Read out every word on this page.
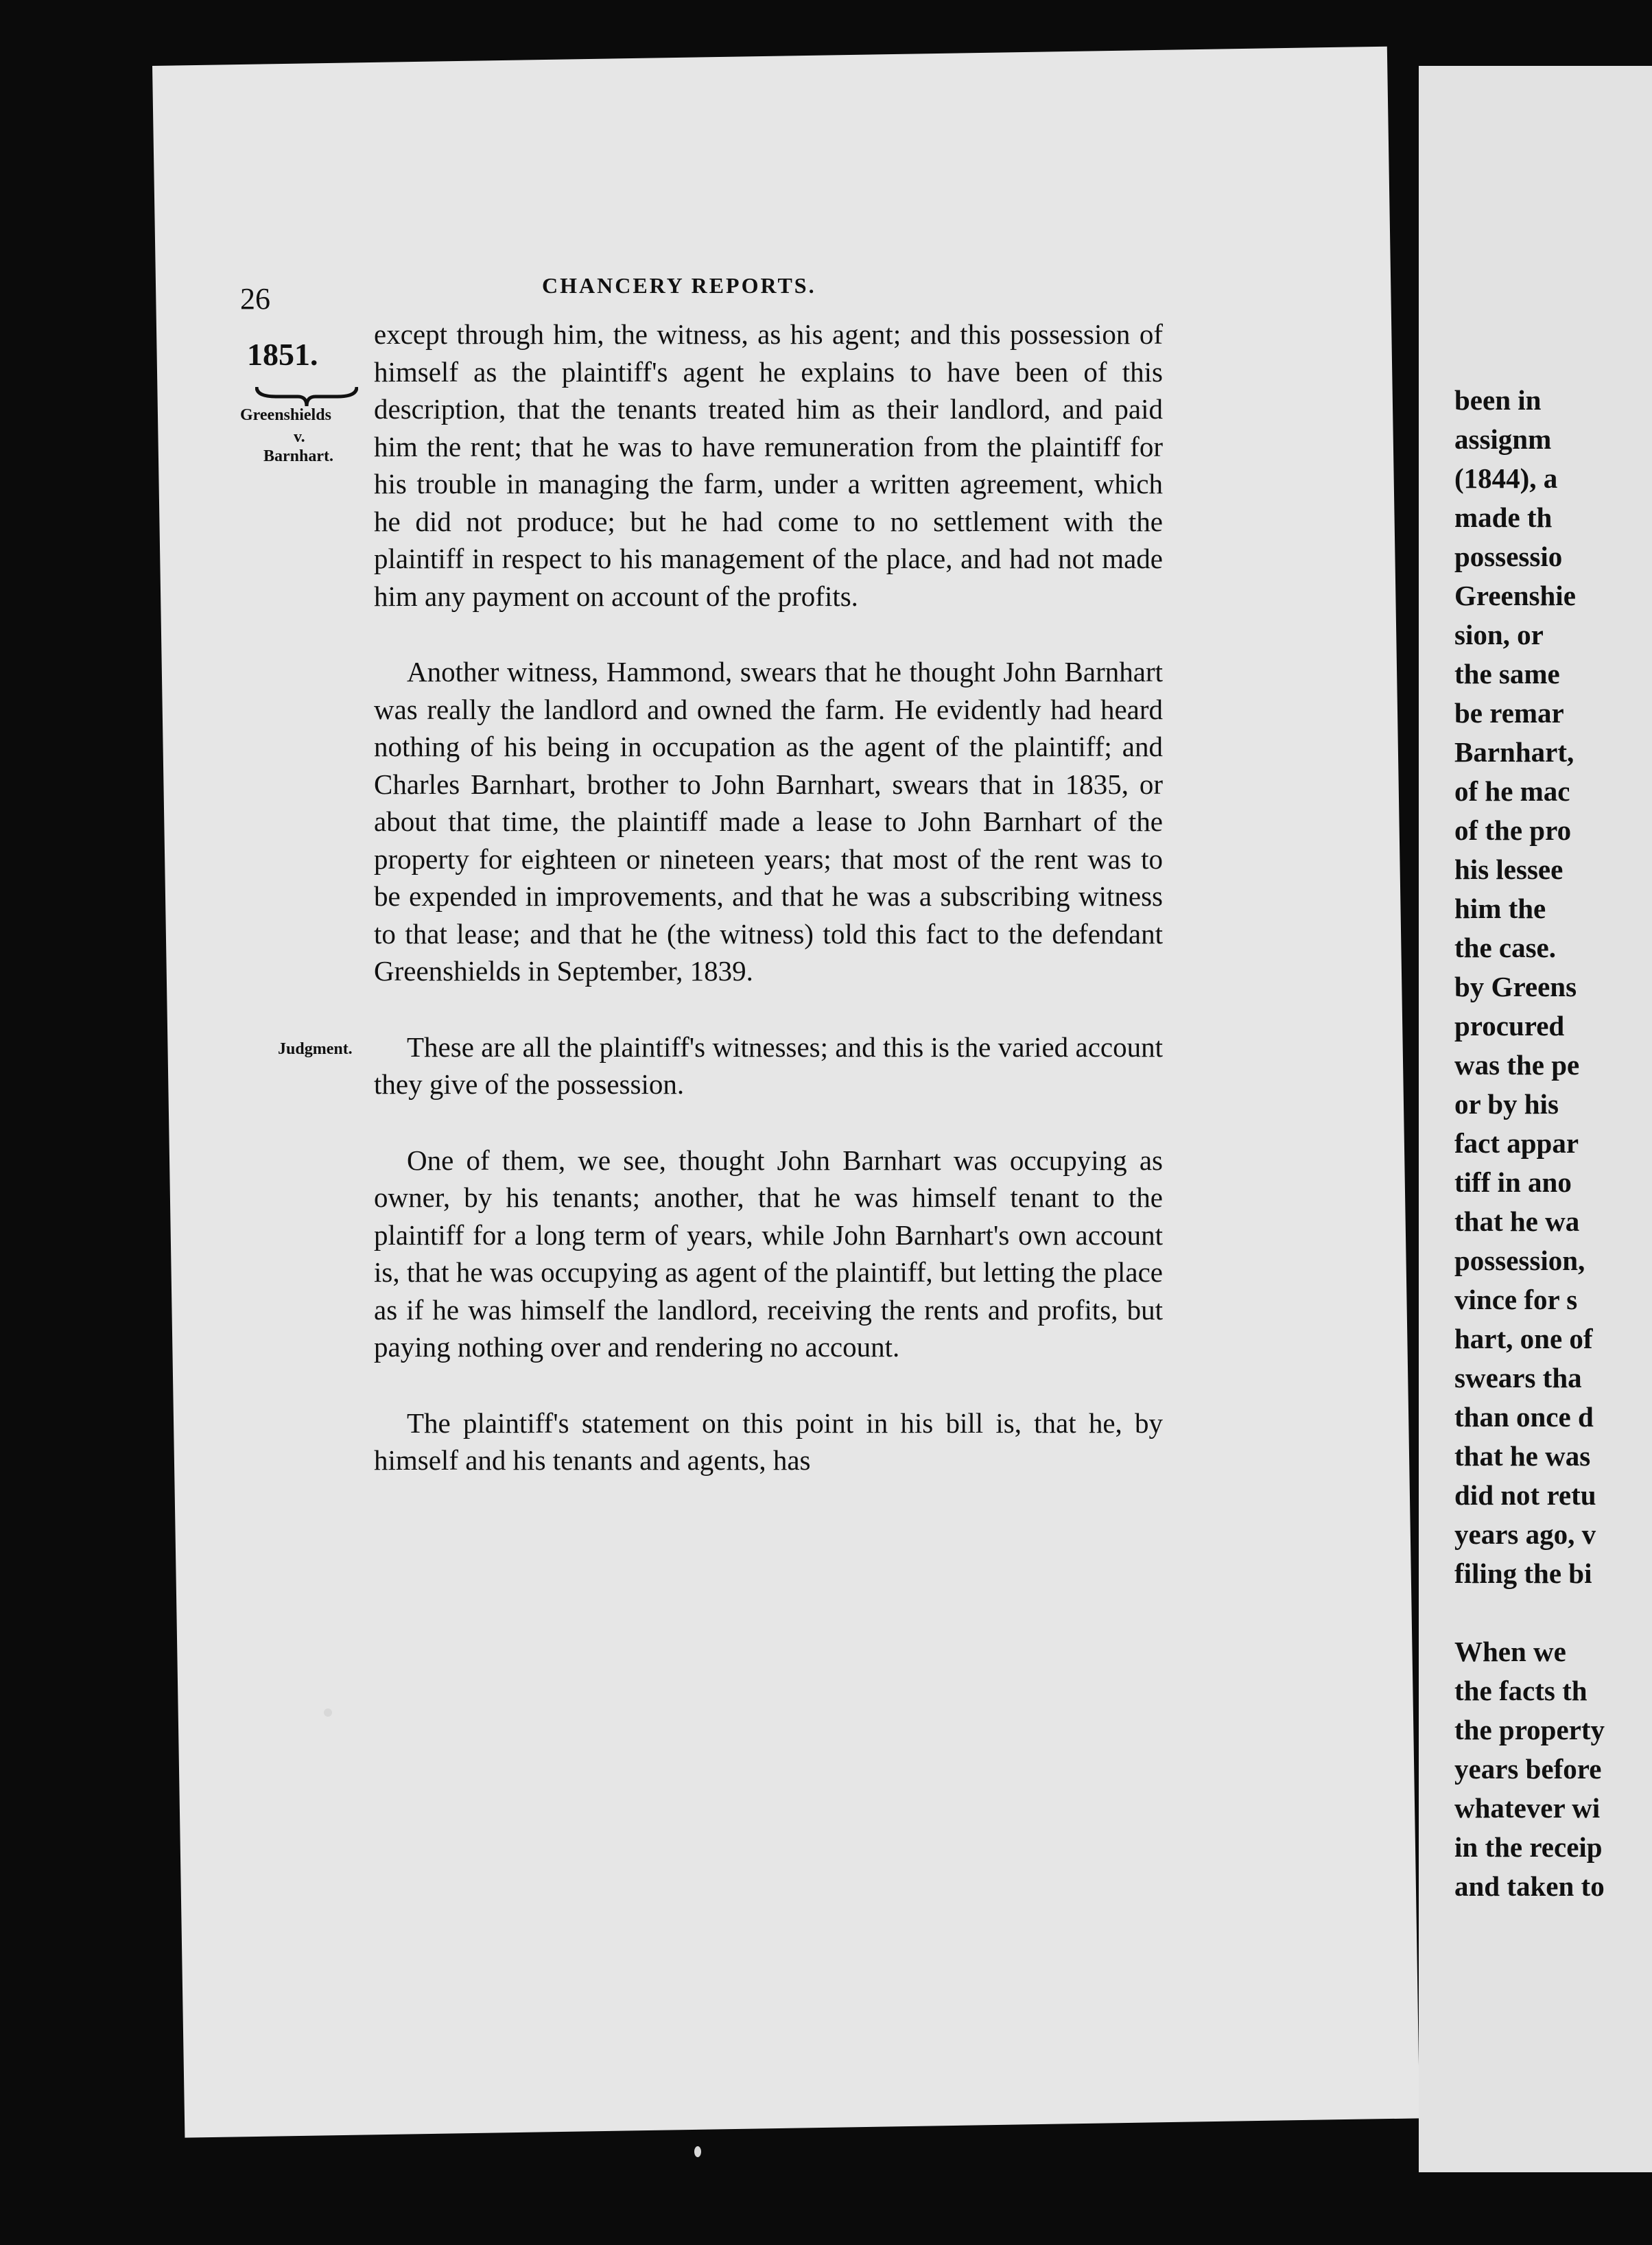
26	CHANCERY REPORTS.
1851.
Greenshields
v.
Barnhart.
Judgment.

except through him, the witness, as his agent; and this possession of himself as the plaintiff's agent he explains to have been of this description, that the tenants treated him as their landlord, and paid him the rent; that he was to have remuneration from the plaintiff for his trouble in managing the farm, under a written agreement, which he did not produce; but he had come to no settlement with the plaintiff in respect to his management of the place, and had not made him any payment on account of the profits.

Another witness, Hammond, swears that he thought John Barnhart was really the landlord and owned the farm. He evidently had heard nothing of his being in occupation as the agent of the plaintiff; and Charles Barnhart, brother to John Barnhart, swears that in 1835, or about that time, the plaintiff made a lease to John Barnhart of the property for eighteen or nineteen years; that most of the rent was to be expended in improvements, and that he was a subscribing witness to that lease; and that he (the witness) told this fact to the defendant Greenshields in September, 1839.

These are all the plaintiff's witnesses; and this is the varied account they give of the possession.

One of them, we see, thought John Barnhart was occupying as owner, by his tenants; another, that he was himself tenant to the plaintiff for a long term of years, while John Barnhart's own account is, that he was occupying as agent of the plaintiff, but letting the place as if he was himself the landlord, receiving the rents and profits, but paying nothing over and rendering no account.

The plaintiff's statement on this point in his bill is, that he, by himself and his tenants and agents, has

been in
assignm
(1844), a
made th
possessio
Greenshie
sion, or
the same
be remar
Barnhart,
of he mac
of the pro
his lessee
him the
the case.
by Greens
procured
was the pe
or by his
fact appar
tiff in ano
that he wa
possession,
vince for s
hart, one of
swears tha
than once d
that he was
did not retu
years ago, v
filing the bi
When we
the facts th
the property
years before
whatever wi
in the receip
and taken to
